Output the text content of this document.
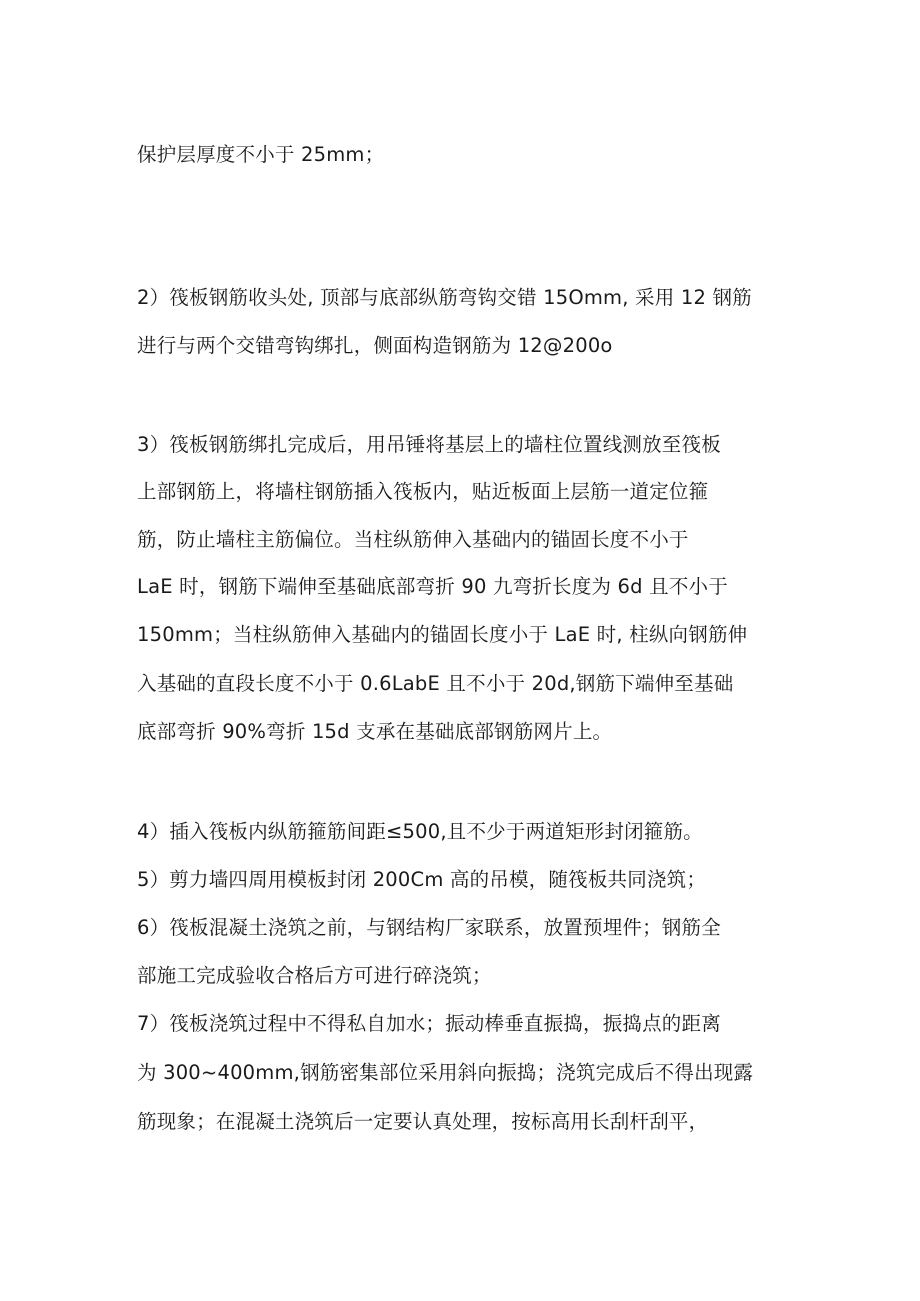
保护层厚度不小于 25mm；
2）筏板钢筋收头处, 顶部与底部纵筋弯钩交错 15Omm, 采用 12 钢筋
进行与两个交错弯钩绑扎，侧面构造钢筋为 12@200o
3）筏板钢筋绑扎完成后，用吊锤将基层上的墙柱位置线测放至筏板
上部钢筋上，将墙柱钢筋插入筏板内，贴近板面上层筋一道定位箍
筋，防止墙柱主筋偏位。当柱纵筋伸入基础内的锚固长度不小于
LaE 时，钢筋下端伸至基础底部弯折 90 九弯折长度为 6d 且不小于
150mm；当柱纵筋伸入基础内的锚固长度小于 LaE 时, 柱纵向钢筋伸
入基础的直段长度不小于 0.6LabE 且不小于 20d,钢筋下端伸至基础
底部弯折 90%弯折 15d 支承在基础底部钢筋网片上。
4）插入筏板内纵筋箍筋间距≤500,且不少于两道矩形封闭箍筋。
5）剪力墙四周用模板封闭 200Cm 高的吊模，随筏板共同浇筑；
6）筏板混凝土浇筑之前，与钢结构厂家联系，放置预埋件；钢筋全
部施工完成验收合格后方可进行碎浇筑；
7）筏板浇筑过程中不得私自加水；振动棒垂直振捣，振捣点的距离
为 300~400mm,钢筋密集部位采用斜向振捣；浇筑完成后不得出现露
筋现象；在混凝土浇筑后一定要认真处理，按标高用长刮杆刮平，
